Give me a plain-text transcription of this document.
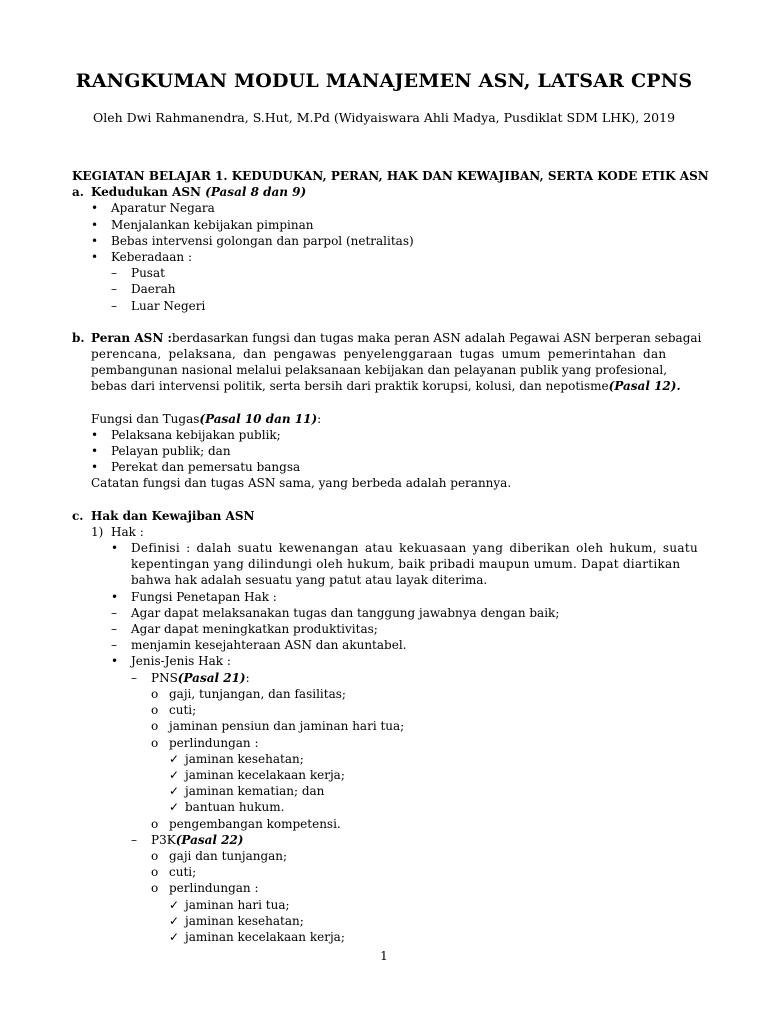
RANGKUMAN MODUL MANAJEMEN ASN, LATSAR CPNS
Oleh Dwi Rahmanendra, S.Hut, M.Pd (Widyaiswara Ahli Madya, Pusdiklat SDM LHK), 2019
KEGIATAN BELAJAR 1. KEDUDUKAN, PERAN, HAK DAN KEWAJIBAN, SERTA KODE ETIK ASN
a. Kedudukan ASN
(Pasal 8 dan 9)
•	Aparatur Negara
•	Menjalankan kebijakan pimpinan
•	Bebas intervensi golongan dan parpol (netralitas)
•	Keberadaan :
–	Pusat
–	Daerah
–	Luar Negeri
b. Peran ASN : berdasarkan fungsi dan tugas maka peran ASN adalah Pegawai ASN berperan sebagai
perencana, pelaksana, dan pengawas penyelenggaraan tugas umum pemerintahan dan
pembangunan nasional melalui pelaksanaan kebijakan dan pelayanan publik yang profesional,
bebas dari intervensi politik, serta bersih dari praktik korupsi, kolusi, dan nepotisme (Pasal 12).
Fungsi dan Tugas (Pasal 10 dan 11) :
•	Pelaksana kebijakan publik;
•	Pelayan publik; dan
•	Perekat dan pemersatu bangsa
Catatan fungsi dan tugas ASN sama, yang berbeda adalah perannya.
c. Hak dan Kewajiban ASN
1) Hak :
•	Definisi : dalah suatu kewenangan atau kekuasaan yang diberikan oleh hukum, suatu
kepentingan yang dilindungi oleh hukum, baik pribadi maupun umum. Dapat diartikan
bahwa hak adalah sesuatu yang patut atau layak diterima.
•	Fungsi Penetapan Hak :
–	Agar dapat melaksanakan tugas dan tanggung jawabnya dengan baik;
–	Agar dapat meningkatkan produktivitas;
–	menjamin kesejahteraan ASN dan akuntabel.
•	Jenis-Jenis Hak :
–	PNS (Pasal 21) :
o gaji, tunjangan, dan fasilitas;
o cuti;
o jaminan pensiun dan jaminan hari tua;
o perlindungan :
✓ jaminan kesehatan;
✓ jaminan kecelakaan kerja;
✓ jaminan kematian; dan
✓ bantuan hukum.
o pengembangan kompetensi.
–	P3K (Pasal 22)
o gaji dan tunjangan;
o cuti;
o perlindungan :
✓ jaminan hari tua;
✓ jaminan kesehatan;
✓ jaminan kecelakaan kerja;
1
